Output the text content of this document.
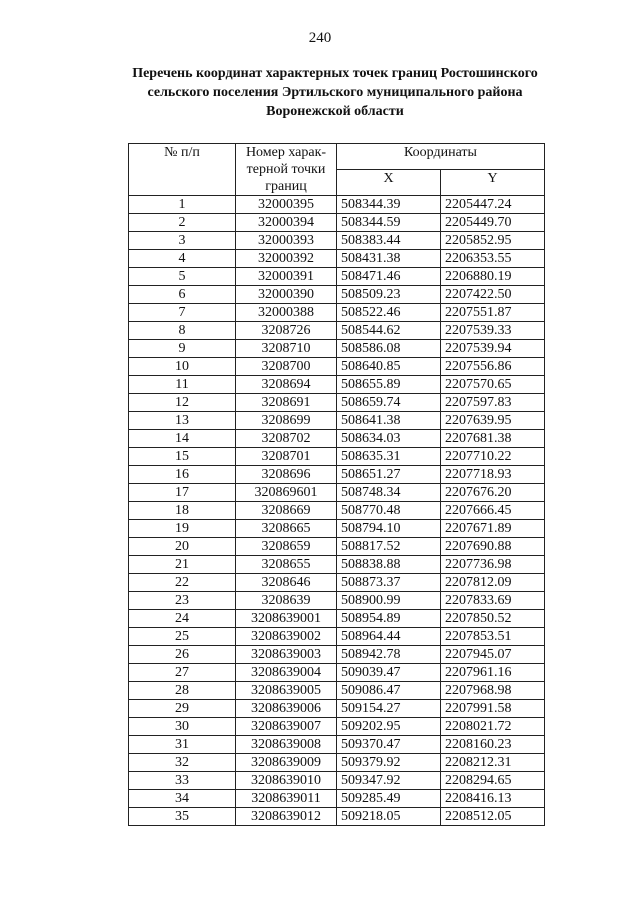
240
Перечень координат характерных точек границ Ростошинского
сельского поселения Эртильского муниципального района
Воронежской области
№ п/п	Номер харак- терной точки границ	Координаты	
		X	Y
1	32000395	508344.39	2205447.24
2	32000394	508344.59	2205449.70
3	32000393	508383.44	2205852.95
4	32000392	508431.38	2206353.55
5	32000391	508471.46	2206880.19
6	32000390	508509.23	2207422.50
7	32000388	508522.46	2207551.87
8	3208726	508544.62	2207539.33
9	3208710	508586.08	2207539.94
10	3208700	508640.85	2207556.86
11	3208694	508655.89	2207570.65
12	3208691	508659.74	2207597.83
13	3208699	508641.38	2207639.95
14	3208702	508634.03	2207681.38
15	3208701	508635.31	2207710.22
16	3208696	508651.27	2207718.93
17	320869601	508748.34	2207676.20
18	3208669	508770.48	2207666.45
19	3208665	508794.10	2207671.89
20	3208659	508817.52	2207690.88
21	3208655	508838.88	2207736.98
22	3208646	508873.37	2207812.09
23	3208639	508900.99	2207833.69
24	3208639001	508954.89	2207850.52
25	3208639002	508964.44	2207853.51
26	3208639003	508942.78	2207945.07
27	3208639004	509039.47	2207961.16
28	3208639005	509086.47	2207968.98
29	3208639006	509154.27	2207991.58
30	3208639007	509202.95	2208021.72
31	3208639008	509370.47	2208160.23
32	3208639009	509379.92	2208212.31
33	3208639010	509347.92	2208294.65
34	3208639011	509285.49	2208416.13
35	3208639012	509218.05	2208512.05
